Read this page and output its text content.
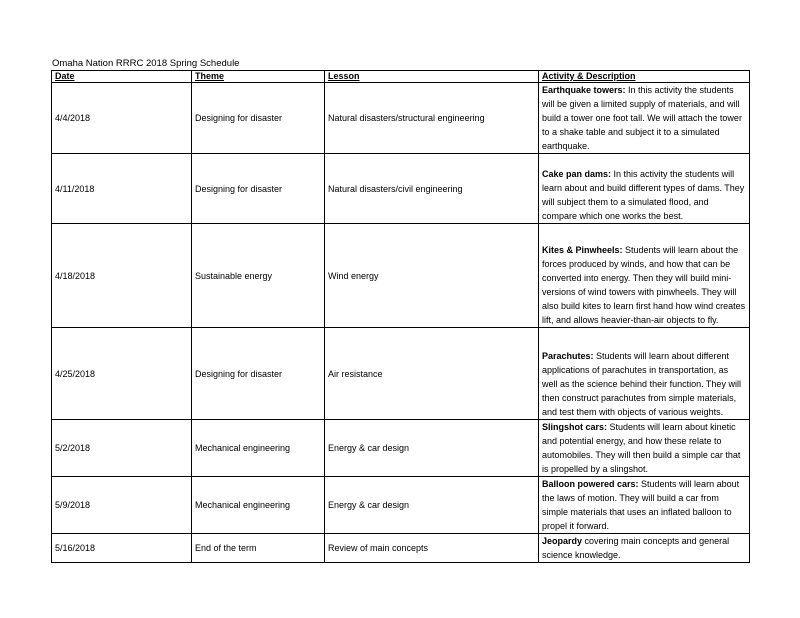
Omaha Nation RRRC 2018 Spring Schedule
Date	Theme	Lesson	Activity & Description
4/4/2018	Designing for disaster	Natural disasters/structural engineering	Earthquake towers: In this activity the students will be given a limited supply of materials, and will build a tower one foot tall. We will attach the tower to a shake table and subject it to a simulated earthquake.
4/11/2018	Designing for disaster	Natural disasters/civil engineering	Cake pan dams: In this activity the students will learn about and build different types of dams. They will subject them to a simulated flood, and compare which one works the best.
4/18/2018	Sustainable energy	Wind energy	Kites & Pinwheels: Students will learn about the forces produced by winds, and how that can be converted into energy. Then they will build mini-versions of wind towers with pinwheels. They will also build kites to learn first hand how wind creates lift, and allows heavier-than-air objects to fly.
4/25/2018	Designing for disaster	Air resistance	Parachutes: Students will learn about different applications of parachutes in transportation, as well as the science behind their function. They will then construct parachutes from simple materials, and test them with objects of various weights.
5/2/2018	Mechanical engineering	Energy & car design	Slingshot cars: Students will learn about kinetic and potential energy, and how these relate to automobiles. They will then build a simple car that is propelled by a slingshot.
5/9/2018	Mechanical engineering	Energy & car design	Balloon powered cars: Students will learn about the laws of motion. They will build a car from simple materials that uses an inflated balloon to propel it forward.
5/16/2018	End of the term	Review of main concepts	Jeopardy covering main concepts and general science knowledge.
